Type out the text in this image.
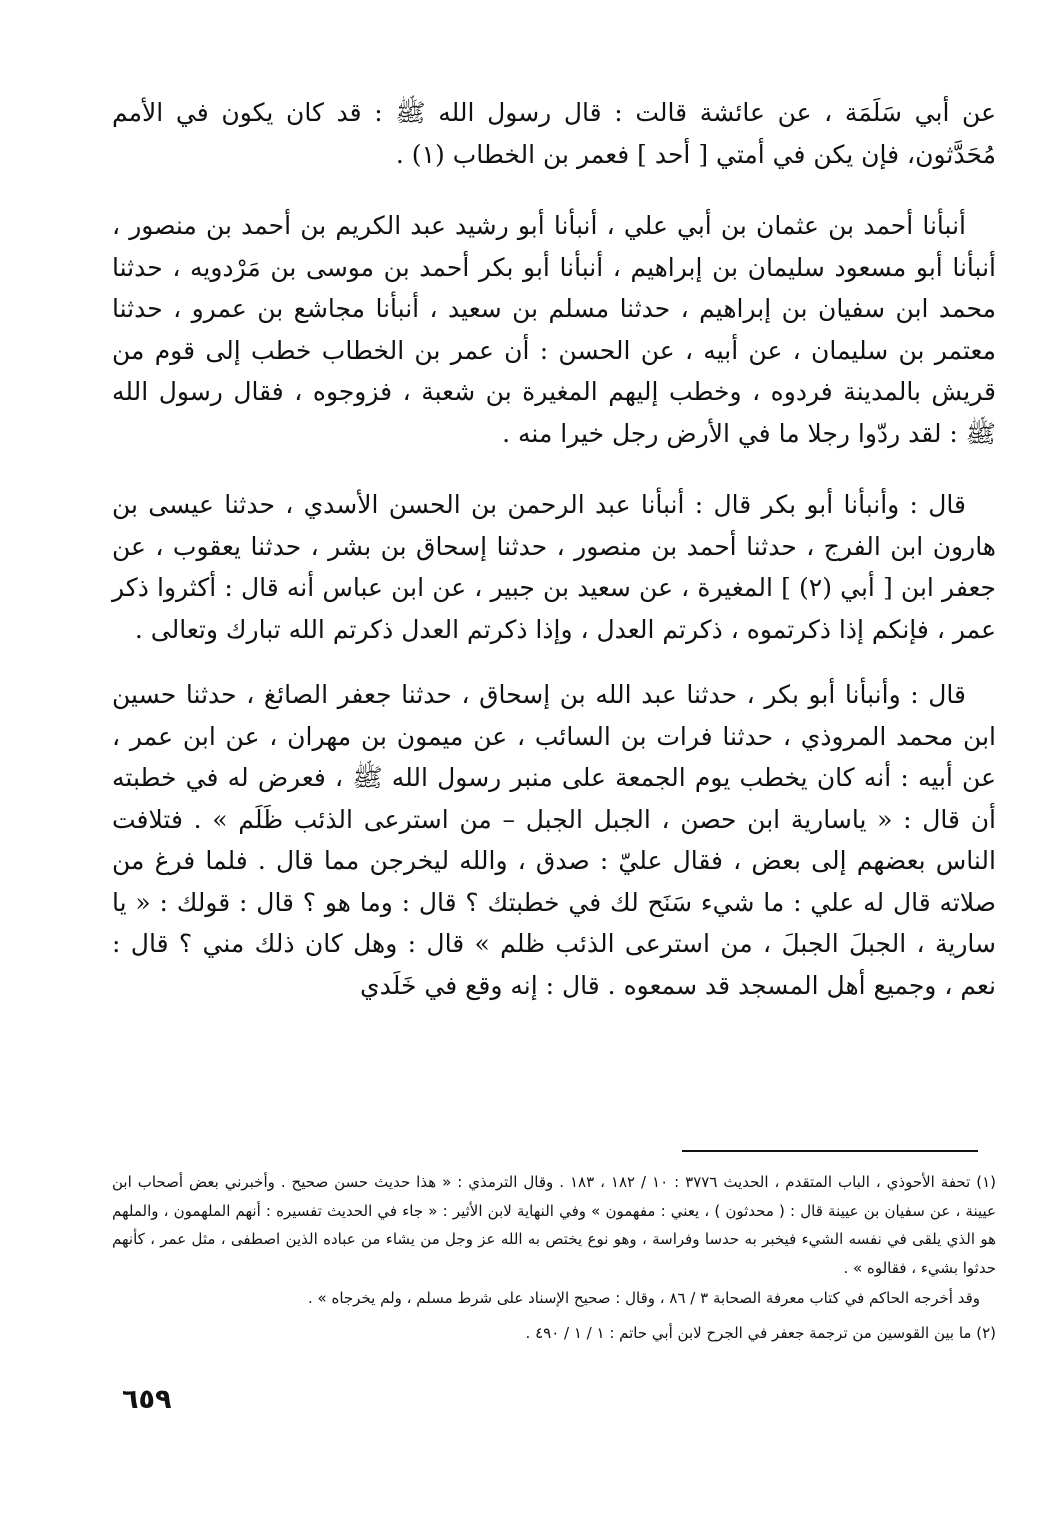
عن أبي سَلَمَة ، عن عائشة قالت : قال رسول الله ﷺ : قد كان يكون في الأمم مُحَدَّثون، فإن يكن في أمتي [ أحد ] فعمر بن الخطاب (١) .

أنبأنا أحمد بن عثمان بن أبي علي ، أنبأنا أبو رشيد عبد الكريم بن أحمد بن منصور ، أنبأنا أبو مسعود سليمان بن إبراهيم ، أنبأنا أبو بكر أحمد بن موسى بن مَرْدويه ، حدثنا محمد ابن سفيان بن إبراهيم ، حدثنا مسلم بن سعيد ، أنبأنا مجاشع بن عمرو ، حدثنا معتمر بن سليمان ، عن أبيه ، عن الحسن : أن عمر بن الخطاب خطب إلى قوم من قريش بالمدينة فردوه ، وخطب إليهم المغيرة بن شعبة ، فزوجوه ، فقال رسول الله ﷺ : لقد ردّوا رجلا ما في الأرض رجل خيرا منه .

قال : وأنبأنا أبو بكر قال : أنبأنا عبد الرحمن بن الحسن الأسدي ، حدثنا عيسى بن هارون ابن الفرج ، حدثنا أحمد بن منصور ، حدثنا إسحاق بن بشر ، حدثنا يعقوب ، عن جعفر ابن [ أبي (٢) ] المغيرة ، عن سعيد بن جبير ، عن ابن عباس أنه قال : أكثروا ذكر عمر ، فإنكم إذا ذكرتموه ، ذكرتم العدل ، وإذا ذكرتم العدل ذكرتم الله تبارك وتعالى .

قال : وأنبأنا أبو بكر ، حدثنا عبد الله بن إسحاق ، حدثنا جعفر الصائغ ، حدثنا حسين ابن محمد المروذي ، حدثنا فرات بن السائب ، عن ميمون بن مهران ، عن ابن عمر ، عن أبيه : أنه كان يخطب يوم الجمعة على منبر رسول الله ﷺ ، فعرض له في خطبته أن قال : « ياسارية ابن حصن ، الجبل الجبل – من استرعى الذئب ظَلَم » . فتلافت الناس بعضهم إلى بعض ، فقال عليّ : صدق ، والله ليخرجن مما قال . فلما فرغ من صلاته قال له علي : ما شيء سَنَح لك في خطبتك ؟ قال : وما هو ؟ قال : قولك : « يا سارية ، الجبلَ الجبلَ ، من استرعى الذئب ظلم » قال : وهل كان ذلك مني ؟ قال : نعم ، وجميع أهل المسجد قد سمعوه . قال : إنه وقع في خَلَدي

(١) تحفة الأحوذي ، الباب المتقدم ، الحديث ٣٧٧٦ : ١٠ / ١٨٢ ، ١٨٣ . وقال الترمذي : « هذا حديث حسن صحيح . وأخبرني بعض أصحاب ابن عيينة ، عن سفيان بن عيينة قال : ( محدثون ) ، يعني : مفهمون » وفي النهاية لابن الأثير : « جاء في الحديث تفسيره : أنهم الملهمون ، والملهم هو الذي يلقى في نفسه الشيء فيخبر به حدسا وفراسة ، وهو نوع يختص به الله عز وجل من يشاء من عباده الذين اصطفى ، مثل عمر ، كأنهم حدثوا بشيء ، فقالوه » .

وقد أخرجه الحاكم في كتاب معرفة الصحابة ٣ / ٨٦ ، وقال : صحيح الإسناد على شرط مسلم ، ولم يخرجاه » .

(٢) ما بين القوسين من ترجمة جعفر في الجرح لابن أبي حاتم : ١ / ١ / ٤٩٠ .

٦٥٩
